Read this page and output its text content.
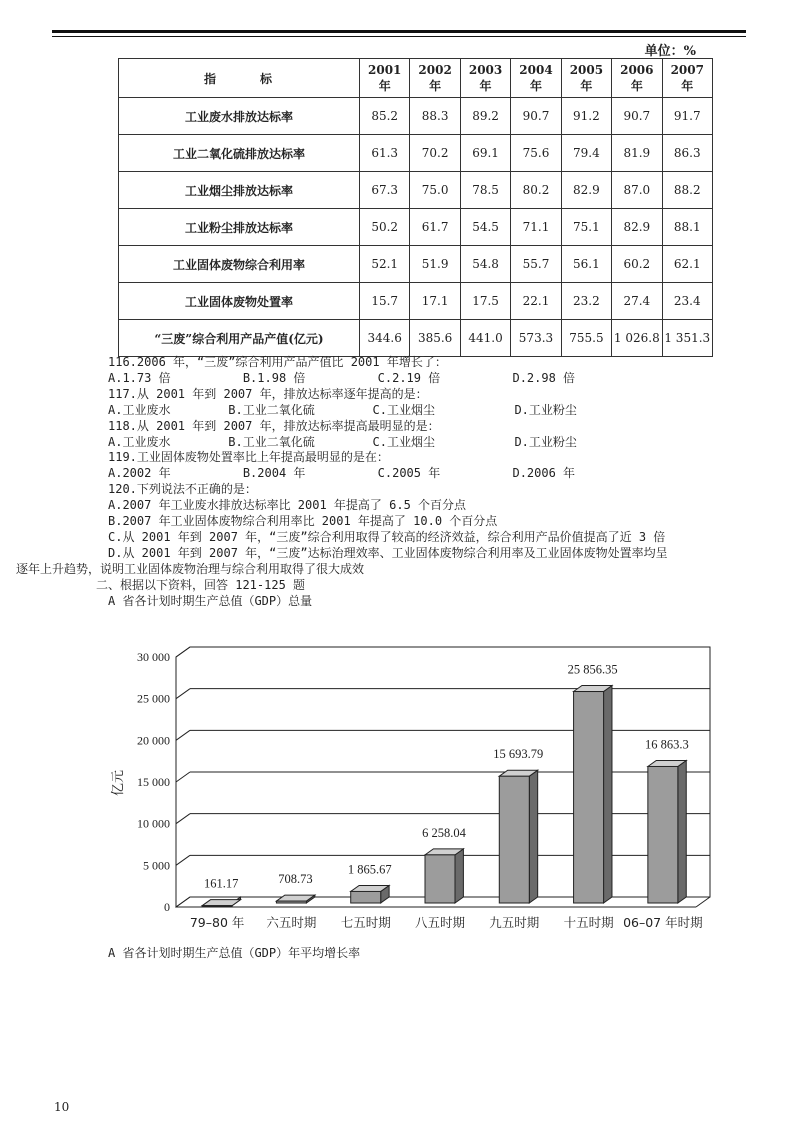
单位：%
指　　　标	2001 年	2002 年	2003 年	2004 年	2005 年	2006 年	2007 年
工业废水排放达标率	85.2	88.3	89.2	90.7	91.2	90.7	91.7
工业二氧化硫排放达标率	61.3	70.2	69.1	75.6	79.4	81.9	86.3
工业烟尘排放达标率	67.3	75.0	78.5	80.2	82.9	87.0	88.2
工业粉尘排放达标率	50.2	61.7	54.5	71.1	75.1	82.9	88.1
工业固体废物综合利用率	52.1	51.9	54.8	55.7	56.1	60.2	62.1
工业固体废物处置率	15.7	17.1	17.5	22.1	23.2	27.4	23.4
“三废”综合利用产品产值(亿元)	344.6	385.6	441.0	573.3	755.5	1 026.8	1 351.3
116.2006 年，“三废”综合利用产品产值比 2001 年增长了：
A.1.73 倍	B.1.98 倍	C.2.19 倍	D.2.98 倍
117.从 2001 年到 2007 年，排放达标率逐年提高的是：
A.工业废水	B.工业二氧化硫	C.工业烟尘	D.工业粉尘
118.从 2001 年到 2007 年，排放达标率提高最明显的是：
A.工业废水	B.工业二氧化硫	C.工业烟尘	D.工业粉尘
119.工业固体废物处置率比上年提高最明显的是在：
A.2002 年	B.2004 年	C.2005 年	D.2006 年
120.下列说法不正确的是：
A.2007 年工业废水排放达标率比 2001 年提高了 6.5 个百分点
B.2007 年工业固体废物综合利用率比 2001 年提高了 10.0 个百分点
C.从 2001 年到 2007 年，“三废”综合利用取得了较高的经济效益，综合利用产品价值提高了近 3 倍
D.从 2001 年到 2007 年，“三废”达标治理效率、工业固体废物综合利用率及工业固体废物处置率均呈
逐年上升趋势，说明工业固体废物治理与综合利用取得了很大成效
二、根据以下资料，回答 121-125 题
A 省各计划时期生产总值（GDP）总量
0
5 000
10 000
15 000
20 000
25 000
30 000
亿元
161.17
79–80 年
708.73
六五时期
1 865.67
七五时期
6 258.04
八五时期
15 693.79
九五时期
25 856.35
十五时期
16 863.3
06–07 年时期
A 省各计划时期生产总值（GDP）年平均增长率
10
